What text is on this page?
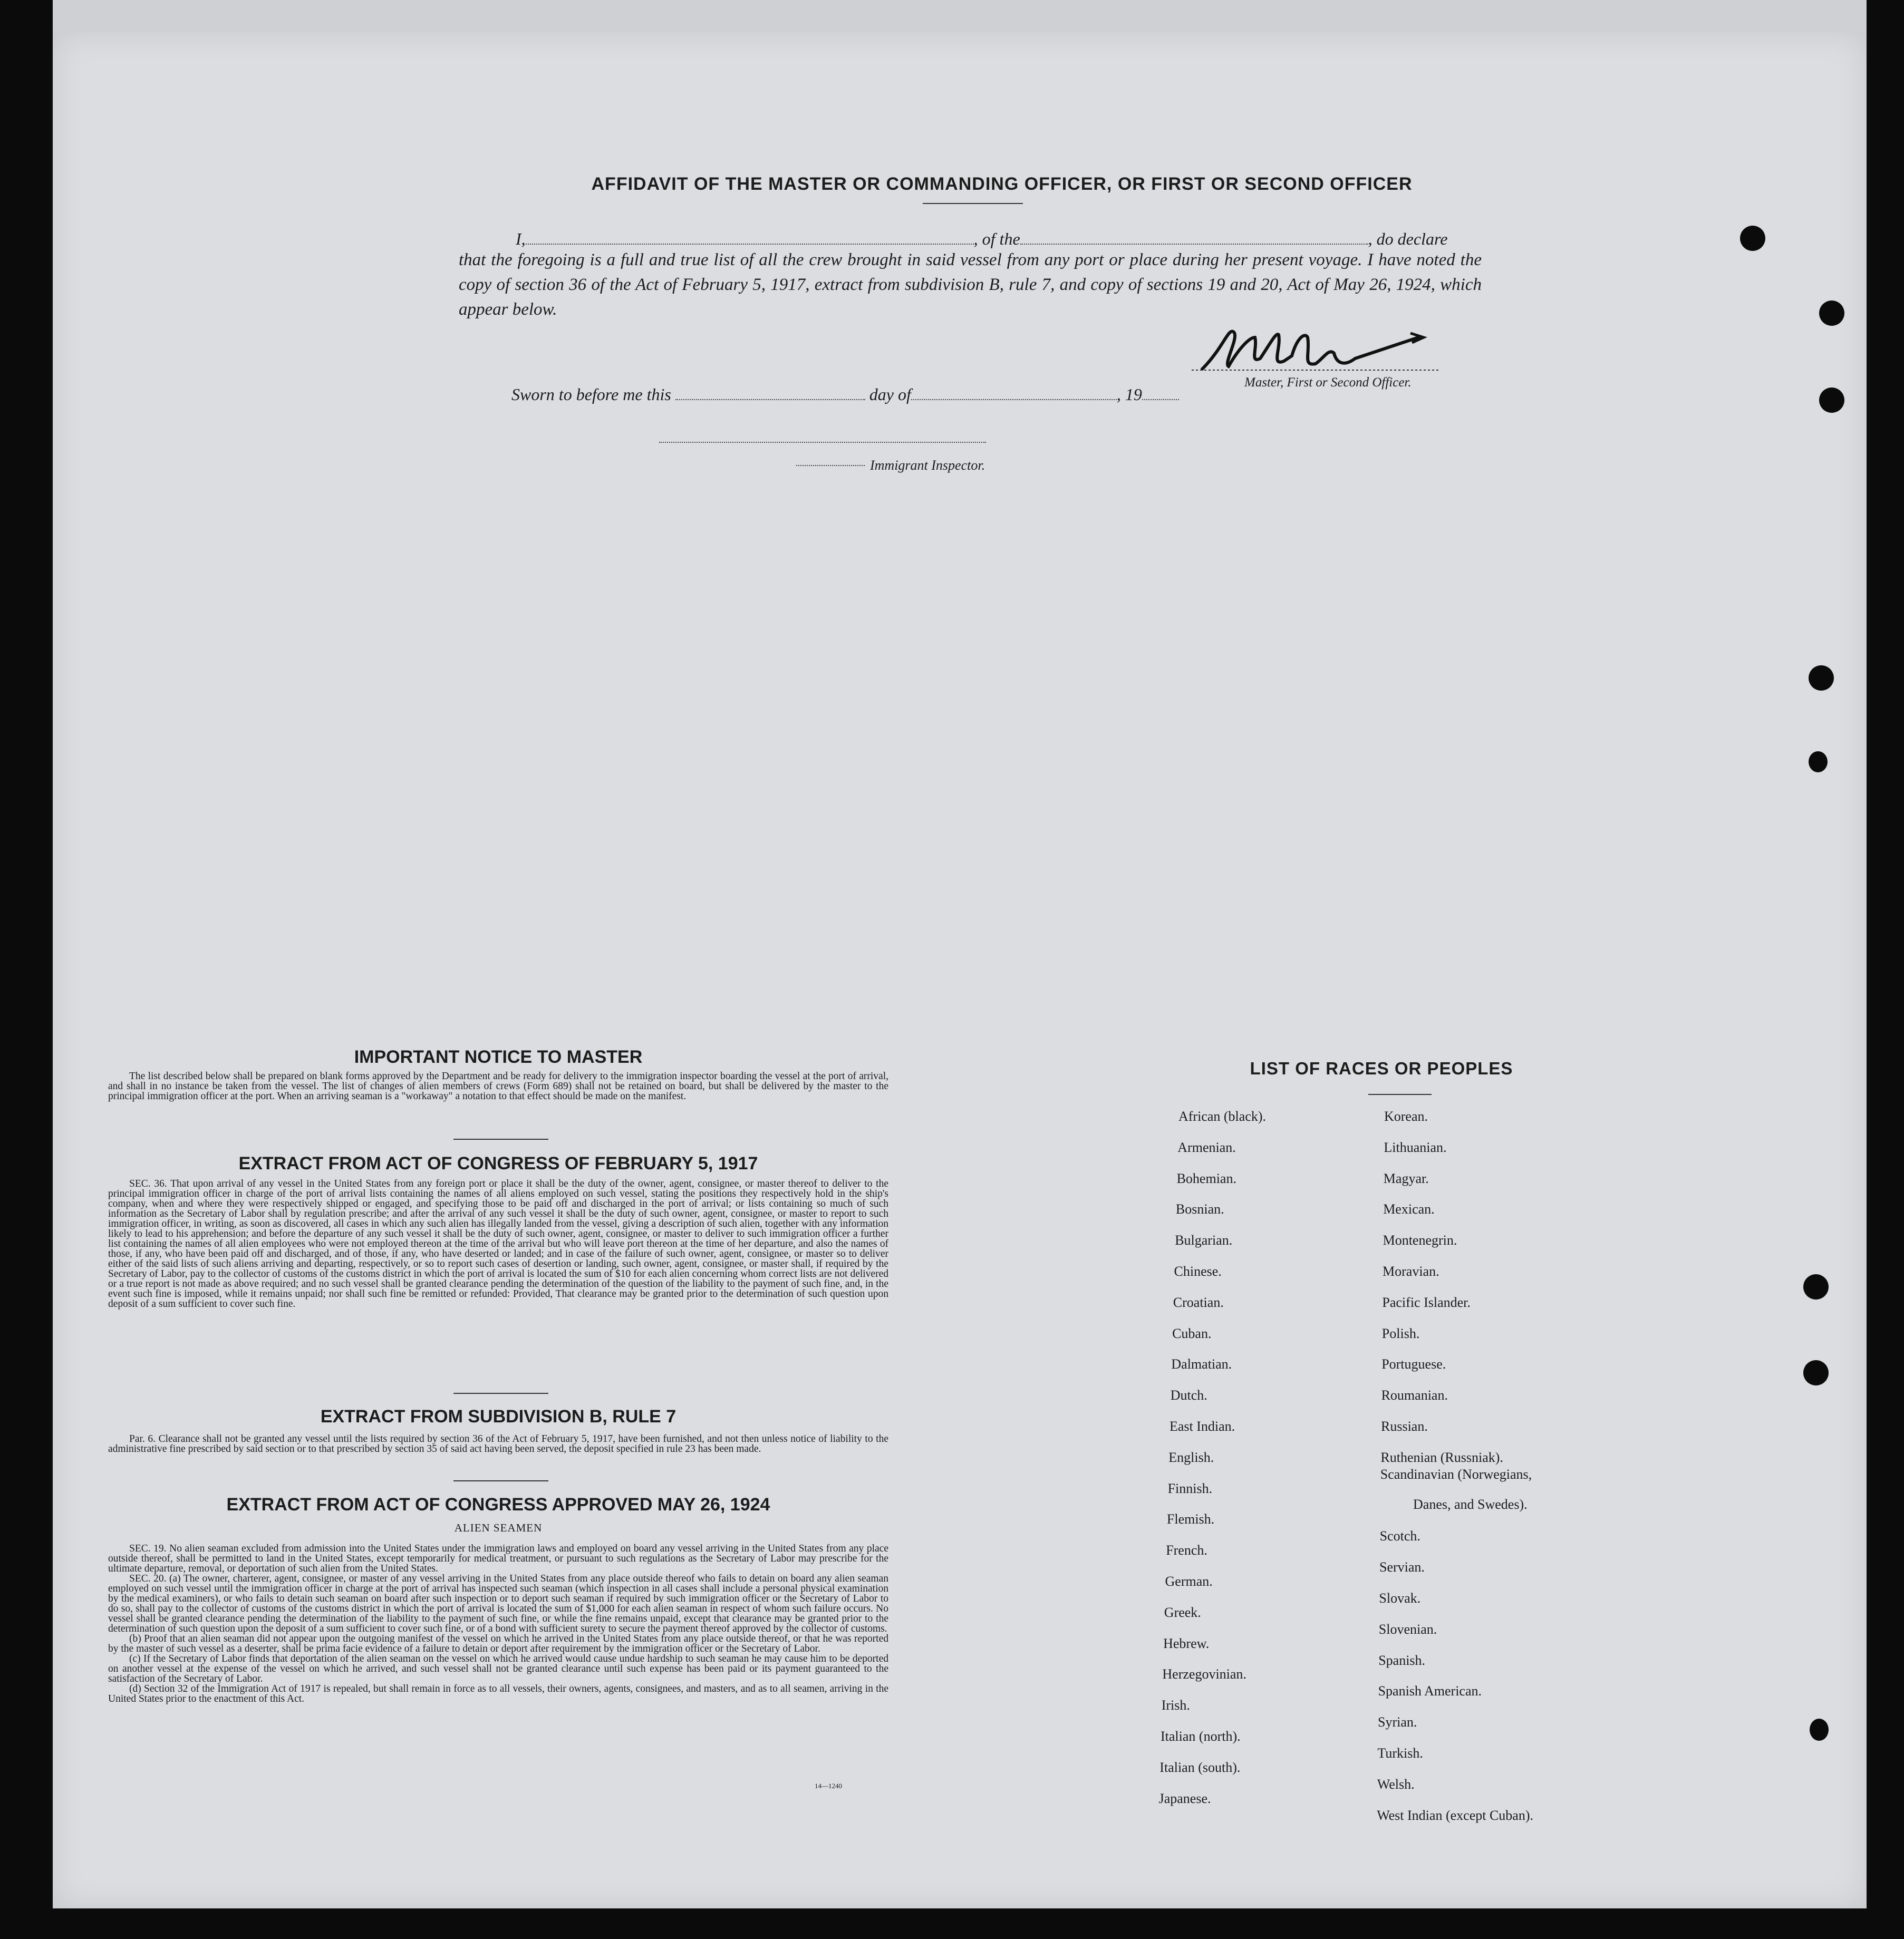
AFFIDAVIT OF THE MASTER OR COMMANDING OFFICER, OR FIRST OR SECOND OFFICER
I,	, of the	, do declare
that the foregoing is a full and true list of all the crew brought in said vessel from any port or place during her present voyage. I have noted the copy of section 36 of the Act of February 5, 1917, extract from subdivision B, rule 7, and copy of sections 19 and 20, Act of May 26, 1924, which appear below.
Master, First or Second Officer.
Sworn to before me this	day of	, 19
Immigrant Inspector.
IMPORTANT NOTICE TO MASTER

The list described below shall be prepared on blank forms approved by the Department and be ready for delivery to the immigration inspector boarding the vessel at the port of arrival, and shall in no instance be taken from the vessel. The list of changes of alien members of crews (Form 689) shall not be retained on board, but shall be delivered by the master to the principal immigration officer at the port. When an arriving seaman is a "workaway" a notation to that effect should be made on the manifest.

EXTRACT FROM ACT OF CONGRESS OF FEBRUARY 5, 1917

SEC. 36. That upon arrival of any vessel in the United States from any foreign port or place it shall be the duty of the owner, agent, consignee, or master thereof to deliver to the principal immigration officer in charge of the port of arrival lists containing the names of all aliens employed on such vessel, stating the positions they respectively hold in the ship's company, when and where they were respectively shipped or engaged, and specifying those to be paid off and discharged in the port of arrival; or lists containing so much of such information as the Secretary of Labor shall by regulation prescribe; and after the arrival of any such vessel it shall be the duty of such owner, agent, consignee, or master to report to such immigration officer, in writing, as soon as discovered, all cases in which any such alien has illegally landed from the vessel, giving a description of such alien, together with any information likely to lead to his apprehension; and before the departure of any such vessel it shall be the duty of such owner, agent, consignee, or master to deliver to such immigration officer a further list containing the names of all alien employees who were not employed thereon at the time of the arrival but who will leave port thereon at the time of her departure, and also the names of those, if any, who have been paid off and discharged, and of those, if any, who have deserted or landed; and in case of the failure of such owner, agent, consignee, or master so to deliver either of the said lists of such aliens arriving and departing, respectively, or so to report such cases of desertion or landing, such owner, agent, consignee, or master shall, if required by the Secretary of Labor, pay to the collector of customs of the customs district in which the port of arrival is located the sum of $10 for each alien concerning whom correct lists are not delivered or a true report is not made as above required; and no such vessel shall be granted clearance pending the determination of the question of the liability to the payment of such fine, and, in the event such fine is imposed, while it remains unpaid; nor shall such fine be remitted or refunded: Provided, That clearance may be granted prior to the determination of such question upon deposit of a sum sufficient to cover such fine.

EXTRACT FROM SUBDIVISION B, RULE 7

Par. 6. Clearance shall not be granted any vessel until the lists required by section 36 of the Act of February 5, 1917, have been furnished, and not then unless notice of liability to the administrative fine prescribed by said section or to that prescribed by section 35 of said act having been served, the deposit specified in rule 23 has been made.

EXTRACT FROM ACT OF CONGRESS APPROVED MAY 26, 1924
ALIEN SEAMEN

SEC. 19. No alien seaman excluded from admission into the United States under the immigration laws and employed on board any vessel arriving in the United States from any place outside thereof, shall be permitted to land in the United States, except temporarily for medical treatment, or pursuant to such regulations as the Secretary of Labor may prescribe for the ultimate departure, removal, or deportation of such alien from the United States.

SEC. 20. (a) The owner, charterer, agent, consignee, or master of any vessel arriving in the United States from any place outside thereof who fails to detain on board any alien seaman employed on such vessel until the immigration officer in charge at the port of arrival has inspected such seaman (which inspection in all cases shall include a personal physical examination by the medical examiners), or who fails to detain such seaman on board after such inspection or to deport such seaman if required by such immigration officer or the Secretary of Labor to do so, shall pay to the collector of customs of the customs district in which the port of arrival is located the sum of $1,000 for each alien seaman in respect of whom such failure occurs. No vessel shall be granted clearance pending the determination of the liability to the payment of such fine, or while the fine remains unpaid, except that clearance may be granted prior to the determination of such question upon the deposit of a sum sufficient to cover such fine, or of a bond with sufficient surety to secure the payment thereof approved by the collector of customs.

(b) Proof that an alien seaman did not appear upon the outgoing manifest of the vessel on which he arrived in the United States from any place outside thereof, or that he was reported by the master of such vessel as a deserter, shall be prima facie evidence of a failure to detain or deport after requirement by the immigration officer or the Secretary of Labor.

(c) If the Secretary of Labor finds that deportation of the alien seaman on the vessel on which he arrived would cause undue hardship to such seaman he may cause him to be deported on another vessel at the expense of the vessel on which he arrived, and such vessel shall not be granted clearance until such expense has been paid or its payment guaranteed to the satisfaction of the Secretary of Labor.

(d) Section 32 of the Immigration Act of 1917 is repealed, but shall remain in force as to all vessels, their owners, agents, consignees, and masters, and as to all seamen, arriving in the United States prior to the enactment of this Act.

14—1240
LIST OF RACES OR PEOPLES
African (black).
Armenian.
Bohemian.
Bosnian.
Bulgarian.
Chinese.
Croatian.
Cuban.
Dalmatian.
Dutch.
East Indian.
English.
Finnish.
Flemish.
French.
German.
Greek.
Hebrew.
Herzegovinian.
Irish.
Italian (north).
Italian (south).
Japanese.
Korean.
Lithuanian.
Magyar.
Mexican.
Montenegrin.
Moravian.
Pacific Islander.
Polish.
Portuguese.
Roumanian.
Russian.
Ruthenian (Russniak).
Scandinavian (Norwegians,
Danes, and Swedes).
Scotch.
Servian.
Slovak.
Slovenian.
Spanish.
Spanish American.
Syrian.
Turkish.
Welsh.
West Indian (except Cuban).
